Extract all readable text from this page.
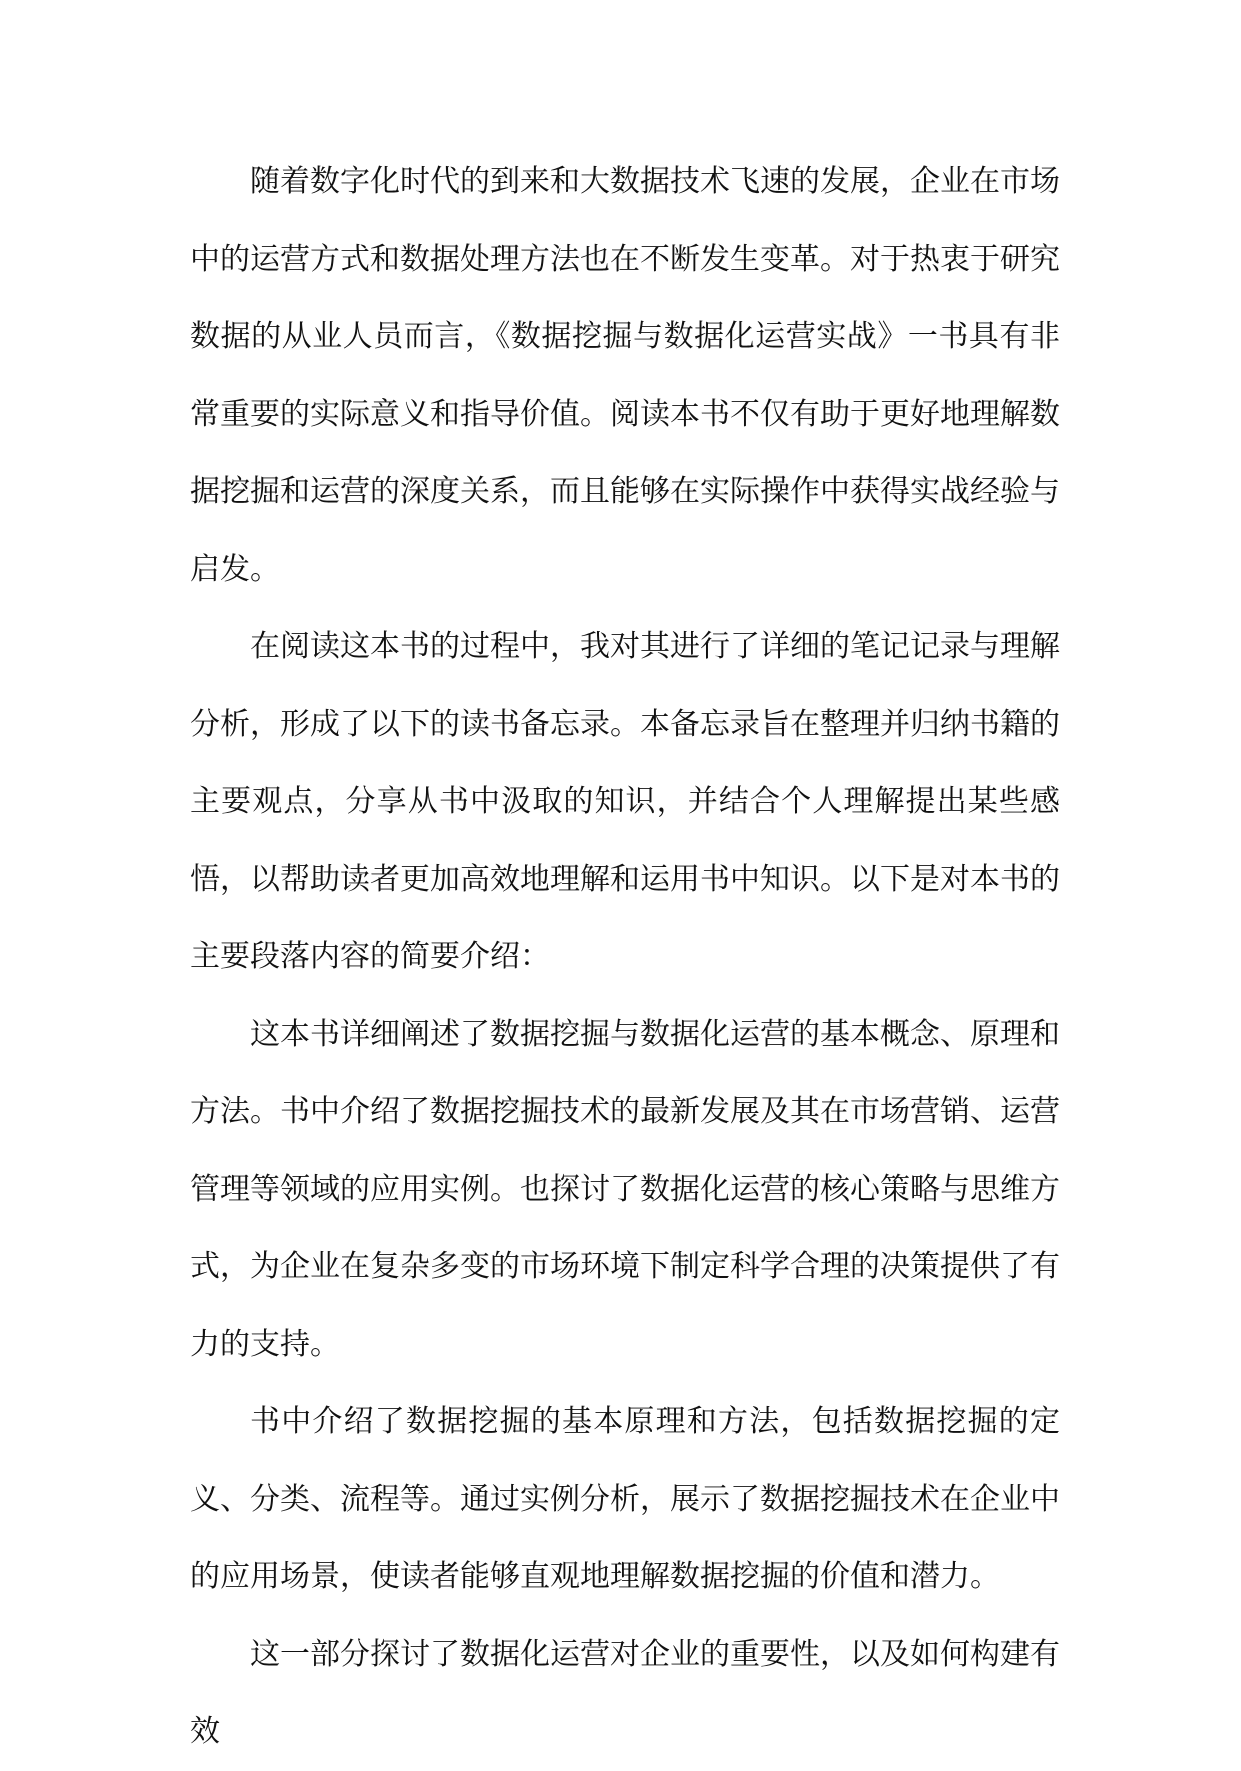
随着数字化时代的到来和大数据技术飞速的发展，企业在市场中的运营方式和数据处理方法也在不断发生变革。对于热衷于研究数据的从业人员而言，《数据挖掘与数据化运营实战》一书具有非常重要的实际意义和指导价值。阅读本书不仅有助于更好地理解数据挖掘和运营的深度关系，而且能够在实际操作中获得实战经验与启发。

在阅读这本书的过程中，我对其进行了详细的笔记记录与理解分析，形成了以下的读书备忘录。本备忘录旨在整理并归纳书籍的主要观点，分享从书中汲取的知识，并结合个人理解提出某些感悟，以帮助读者更加高效地理解和运用书中知识。以下是对本书的主要段落内容的简要介绍：

这本书详细阐述了数据挖掘与数据化运营的基本概念、原理和方法。书中介绍了数据挖掘技术的最新发展及其在市场营销、运营管理等领域的应用实例。也探讨了数据化运营的核心策略与思维方式，为企业在复杂多变的市场环境下制定科学合理的决策提供了有力的支持。

书中介绍了数据挖掘的基本原理和方法，包括数据挖掘的定义、分类、流程等。通过实例分析，展示了数据挖掘技术在企业中的应用场景，使读者能够直观地理解数据挖掘的价值和潜力。

这一部分探讨了数据化运营对企业的重要性，以及如何构建有效
